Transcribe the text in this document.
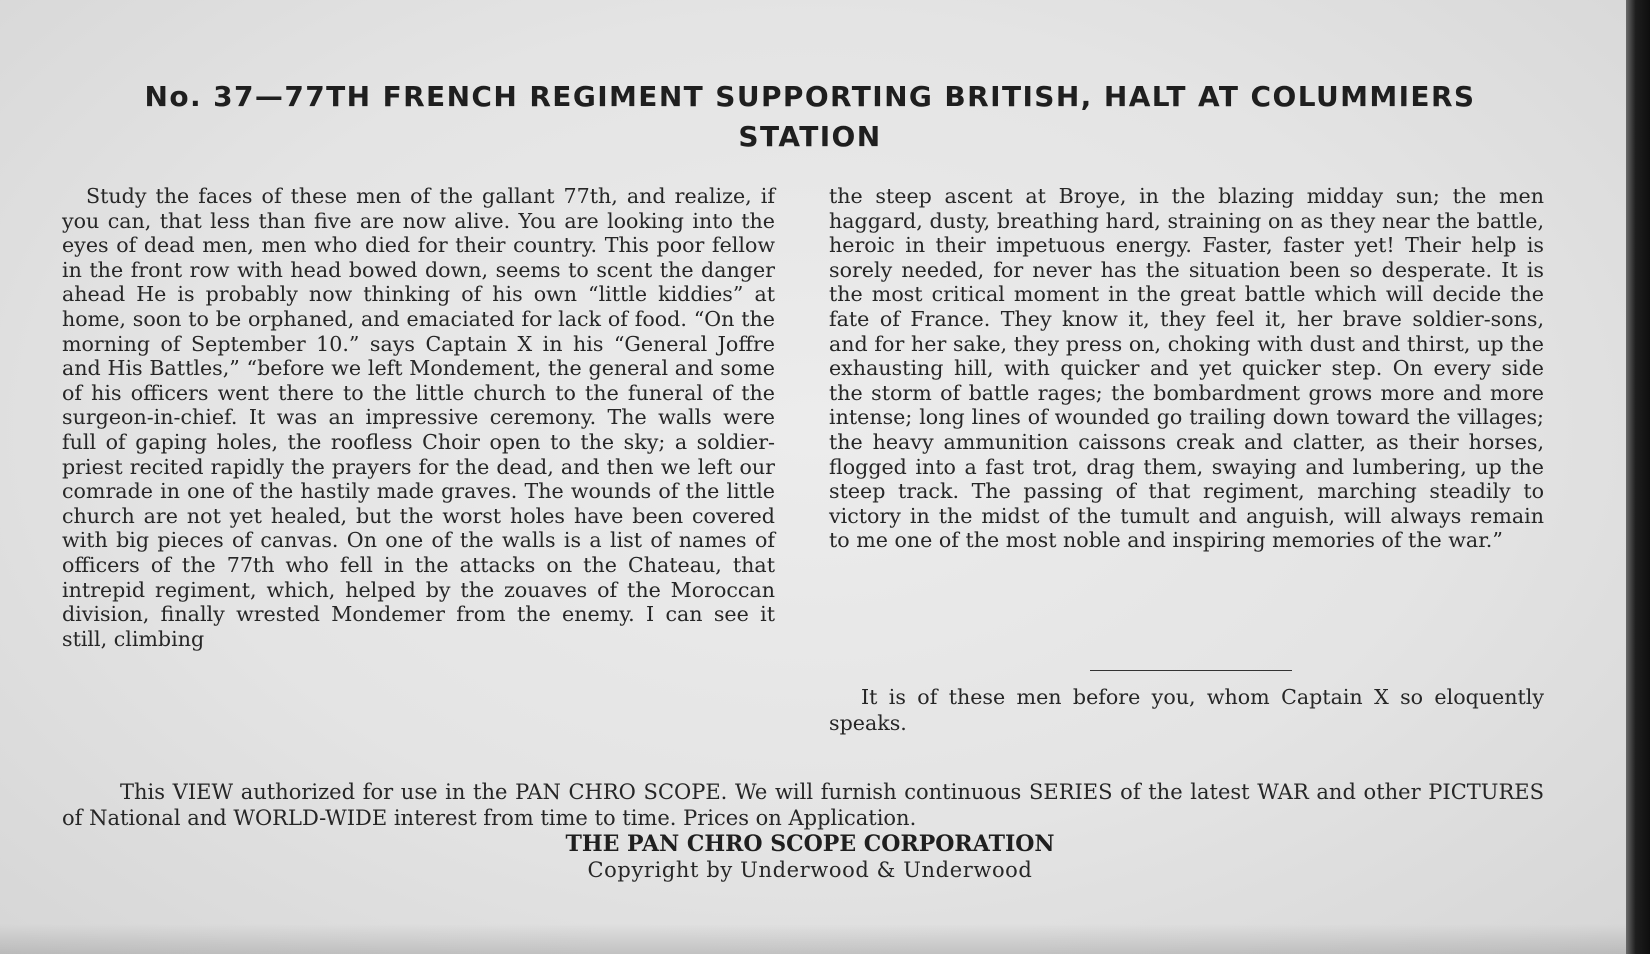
No. 37—77TH FRENCH REGIMENT SUPPORTING BRITISH, HALT AT COLUMMIERS STATION

Study the faces of these men of the gallant 77th, and realize, if you can, that less than five are now alive. You are looking into the eyes of dead men, men who died for their country. This poor fellow in the front row with head bowed down, seems to scent the danger ahead He is probably now thinking of his own “little kiddies” at home, soon to be orphaned, and emaciated for lack of food. “On the morning of September 10.” says Captain X in his “General Joffre and His Battles,” “before we left Mondement, the general and some of his officers went there to the little church to the funeral of the surgeon-in-chief. It was an impressive ceremony. The walls were full of gaping holes, the roofless Choir open to the sky; a soldier-priest recited rapidly the prayers for the dead, and then we left our comrade in one of the hastily made graves. The wounds of the little church are not yet healed, but the worst holes have been covered with big pieces of canvas. On one of the walls is a list of names of officers of the 77th who fell in the attacks on the Chateau, that intrepid regiment, which, helped by the zouaves of the Moroccan division, finally wrested Mondemer from the enemy. I can see it still, climbing

the steep ascent at Broye, in the blazing midday sun; the men haggard, dusty, breathing hard, straining on as they near the battle, heroic in their impetuous energy. Faster, faster yet! Their help is sorely needed, for never has the situation been so desperate. It is the most critical moment in the great battle which will decide the fate of France. They know it, they feel it, her brave soldier-sons, and for her sake, they press on, choking with dust and thirst, up the exhausting hill, with quicker and yet quicker step. On every side the storm of battle rages; the bombardment grows more and more intense; long lines of wounded go trailing down toward the villages; the heavy ammunition caissons creak and clatter, as their horses, flogged into a fast trot, drag them, swaying and lumbering, up the steep track. The passing of that regiment, marching steadily to victory in the midst of the tumult and anguish, will always remain to me one of the most noble and inspiring memories of the war.”

It is of these men before you, whom Captain X so eloquently speaks.

This VIEW authorized for use in the PAN CHRO SCOPE. We will furnish continuous SERIES of the latest WAR and other PICTURES of National and WORLD-WIDE interest from time to time. Prices on Application.

THE PAN CHRO SCOPE CORPORATION

Copyright by Underwood & Underwood
